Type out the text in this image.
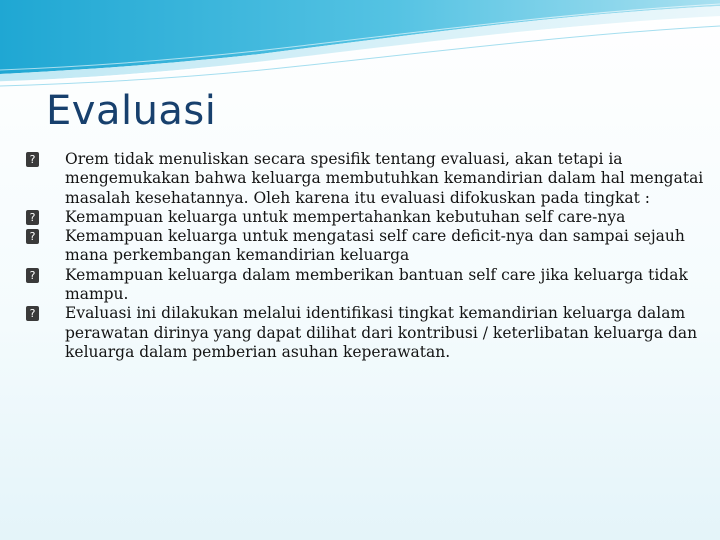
Evaluasi
? Orem tidak menuliskan secara spesifik tentang evaluasi, akan tetapi ia mengemukakan bahwa keluarga membutuhkan kemandirian dalam hal mengatai masalah kesehatannya. Oleh karena itu evaluasi difokuskan pada tingkat :
? Kemampuan keluarga untuk mempertahankan kebutuhan self care-nya
? Kemampuan keluarga untuk mengatasi self care deficit-nya dan sampai sejauh mana perkembangan kemandirian keluarga
? Kemampuan keluarga dalam memberikan bantuan self care jika keluarga tidak mampu.
? Evaluasi ini dilakukan melalui identifikasi tingkat kemandirian keluarga dalam perawatan dirinya yang dapat dilihat dari kontribusi / keterlibatan keluarga dan keluarga dalam pemberian asuhan keperawatan.
